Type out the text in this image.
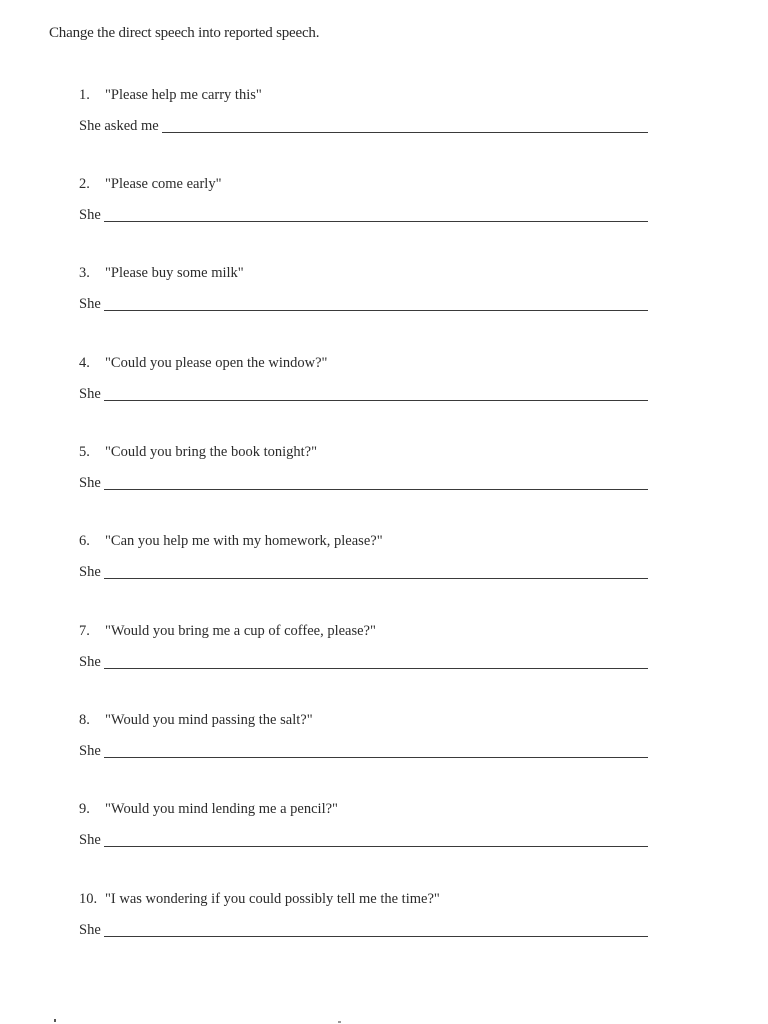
Change the direct speech into reported speech.
1. "Please help me carry this"
She asked me
2. "Please come early"
She
3. "Please buy some milk"
She
4. "Could you please open the window?"
She
5. "Could you bring the book tonight?"
She
6. "Can you help me with my homework, please?"
She
7. "Would you bring me a cup of coffee, please?"
She
8. "Would you mind passing the salt?"
She
9. "Would you mind lending me a pencil?"
She
10. "I was wondering if you could possibly tell me the time?"
She
